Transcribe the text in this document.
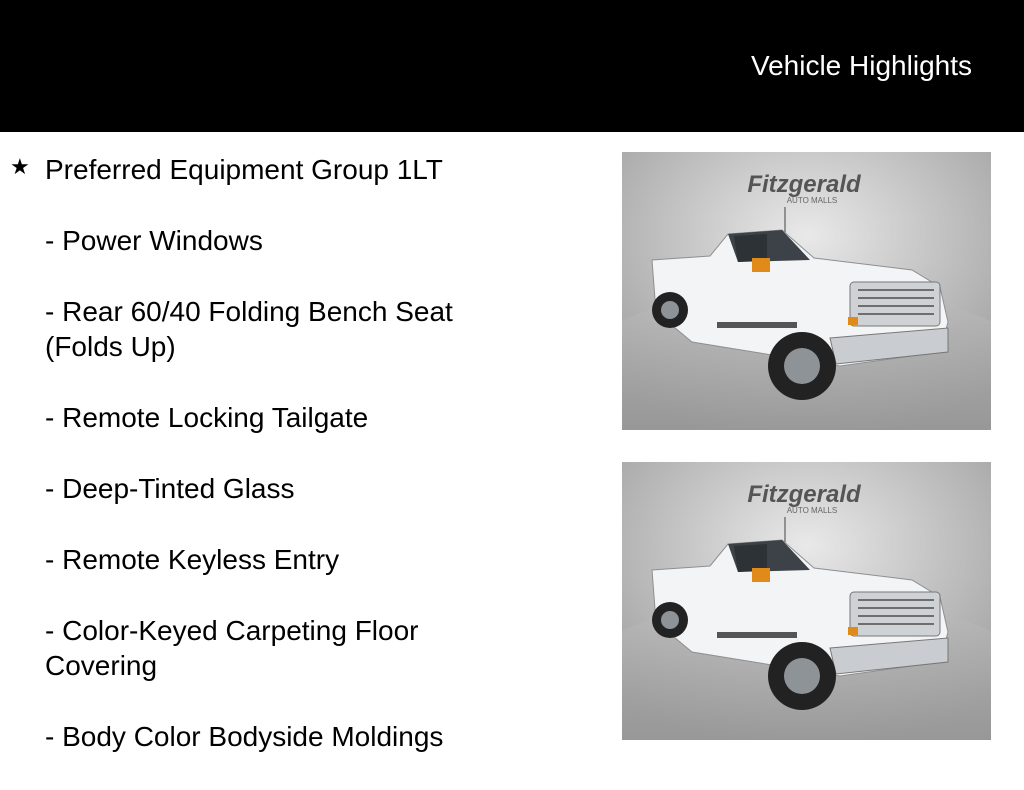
Vehicle Highlights
★ Preferred Equipment Group 1LT

- Power Windows

- Rear 60/40 Folding Bench Seat (Folds Up)

- Remote Locking Tailgate

- Deep-Tinted Glass

- Remote Keyless Entry

- Color-Keyed Carpeting Floor Covering

- Body Color Bodyside Moldings

Fitzgerald
AUTO MALLS
Fitzgerald
AUTO MALLS
